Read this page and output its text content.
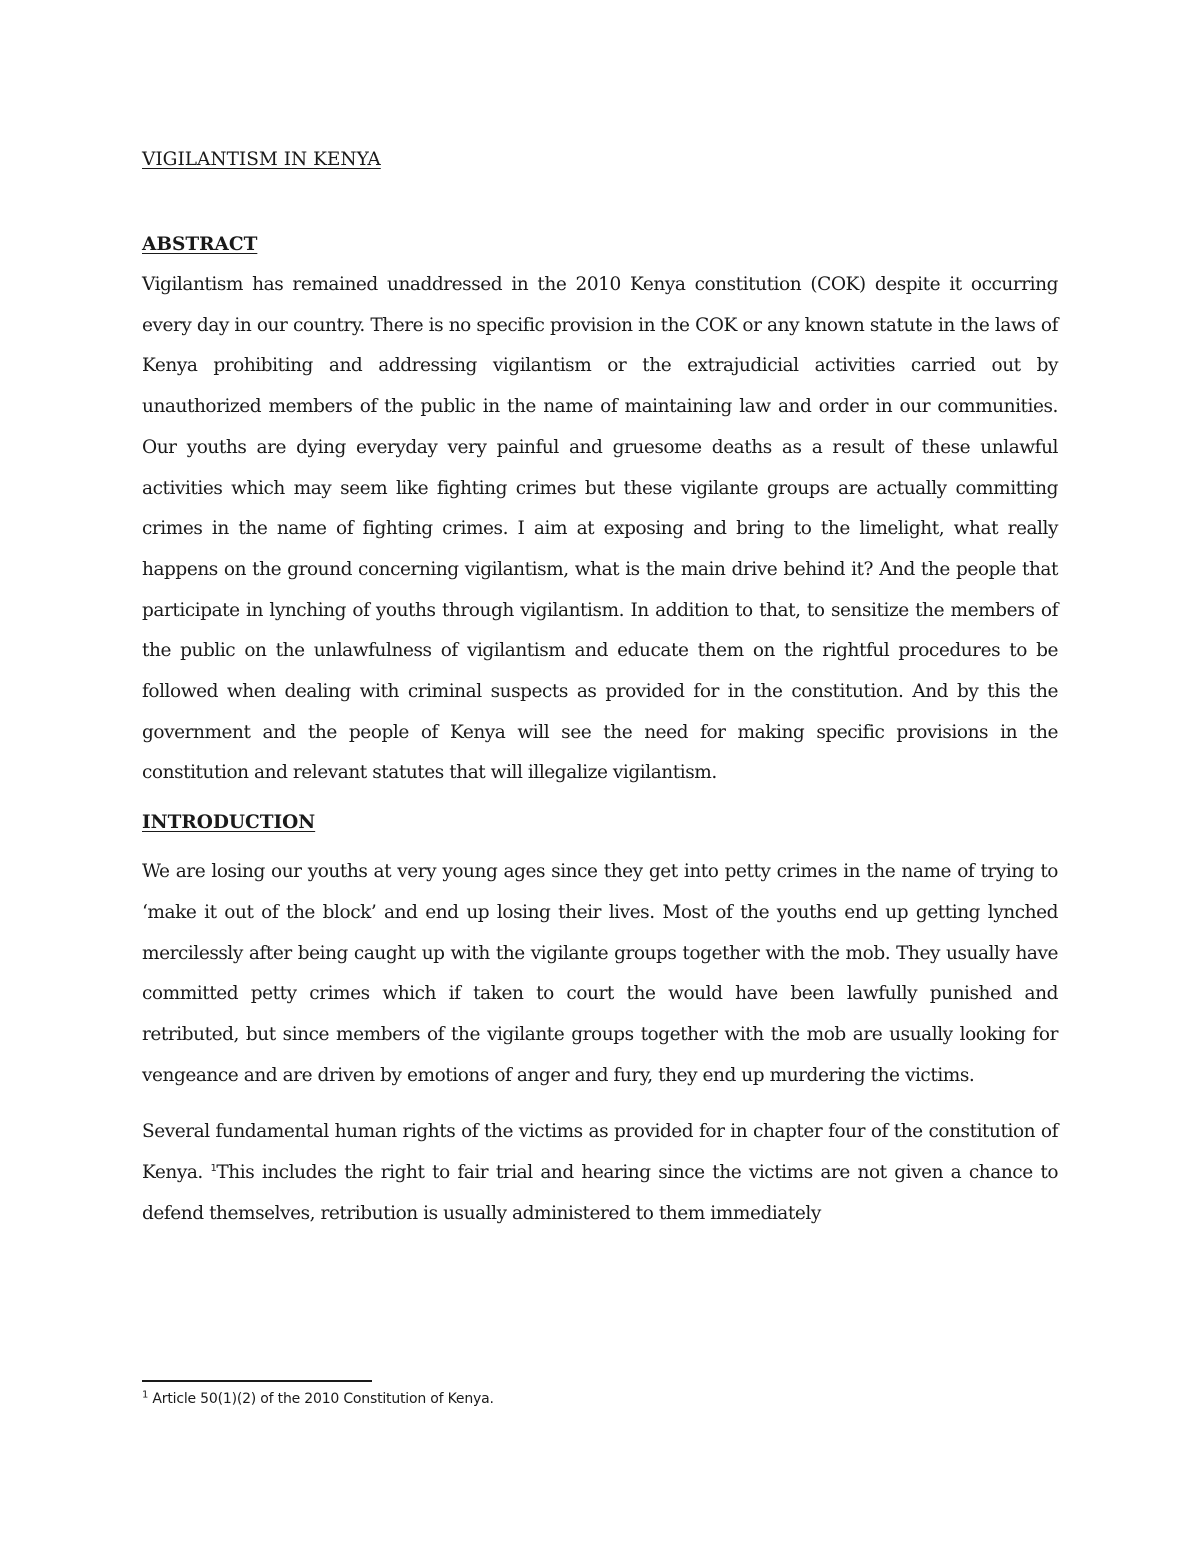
VIGILANTISM IN KENYA
ABSTRACT

Vigilantism has remained unaddressed in the 2010 Kenya constitution (COK) despite it occurring every day in our country. There is no specific provision in the COK or any known statute in the laws of Kenya prohibiting and addressing vigilantism or the extrajudicial activities carried out by unauthorized members of the public in the name of maintaining law and order in our communities. Our youths are dying everyday very painful and gruesome deaths as a result of these unlawful activities which may seem like fighting crimes but these vigilante groups are actually committing crimes in the name of fighting crimes. I aim at exposing and bring to the limelight, what really happens on the ground concerning vigilantism, what is the main drive behind it? And the people that participate in lynching of youths through vigilantism. In addition to that, to sensitize the members of the public on the unlawfulness of vigilantism and educate them on the rightful procedures to be followed when dealing with criminal suspects as provided for in the constitution. And by this the government and the people of Kenya will see the need for making specific provisions in the constitution and relevant statutes that will illegalize vigilantism.

INTRODUCTION

We are losing our youths at very young ages since they get into petty crimes in the name of trying to ‘make it out of the block’ and end up losing their lives. Most of the youths end up getting lynched mercilessly after being caught up with the vigilante groups together with the mob. They usually have committed petty crimes which if taken to court the would have been lawfully punished and retributed, but since members of the vigilante groups together with the mob are usually looking for vengeance and are driven by emotions of anger and fury, they end up murdering the victims.

Several fundamental human rights of the victims as provided for in chapter four of the constitution of Kenya. $^1$This includes the right to fair trial and hearing since the victims are not given a chance to defend themselves, retribution is usually administered to them immediately

$^1$ Article 50(1)(2) of the 2010 Constitution of Kenya.
